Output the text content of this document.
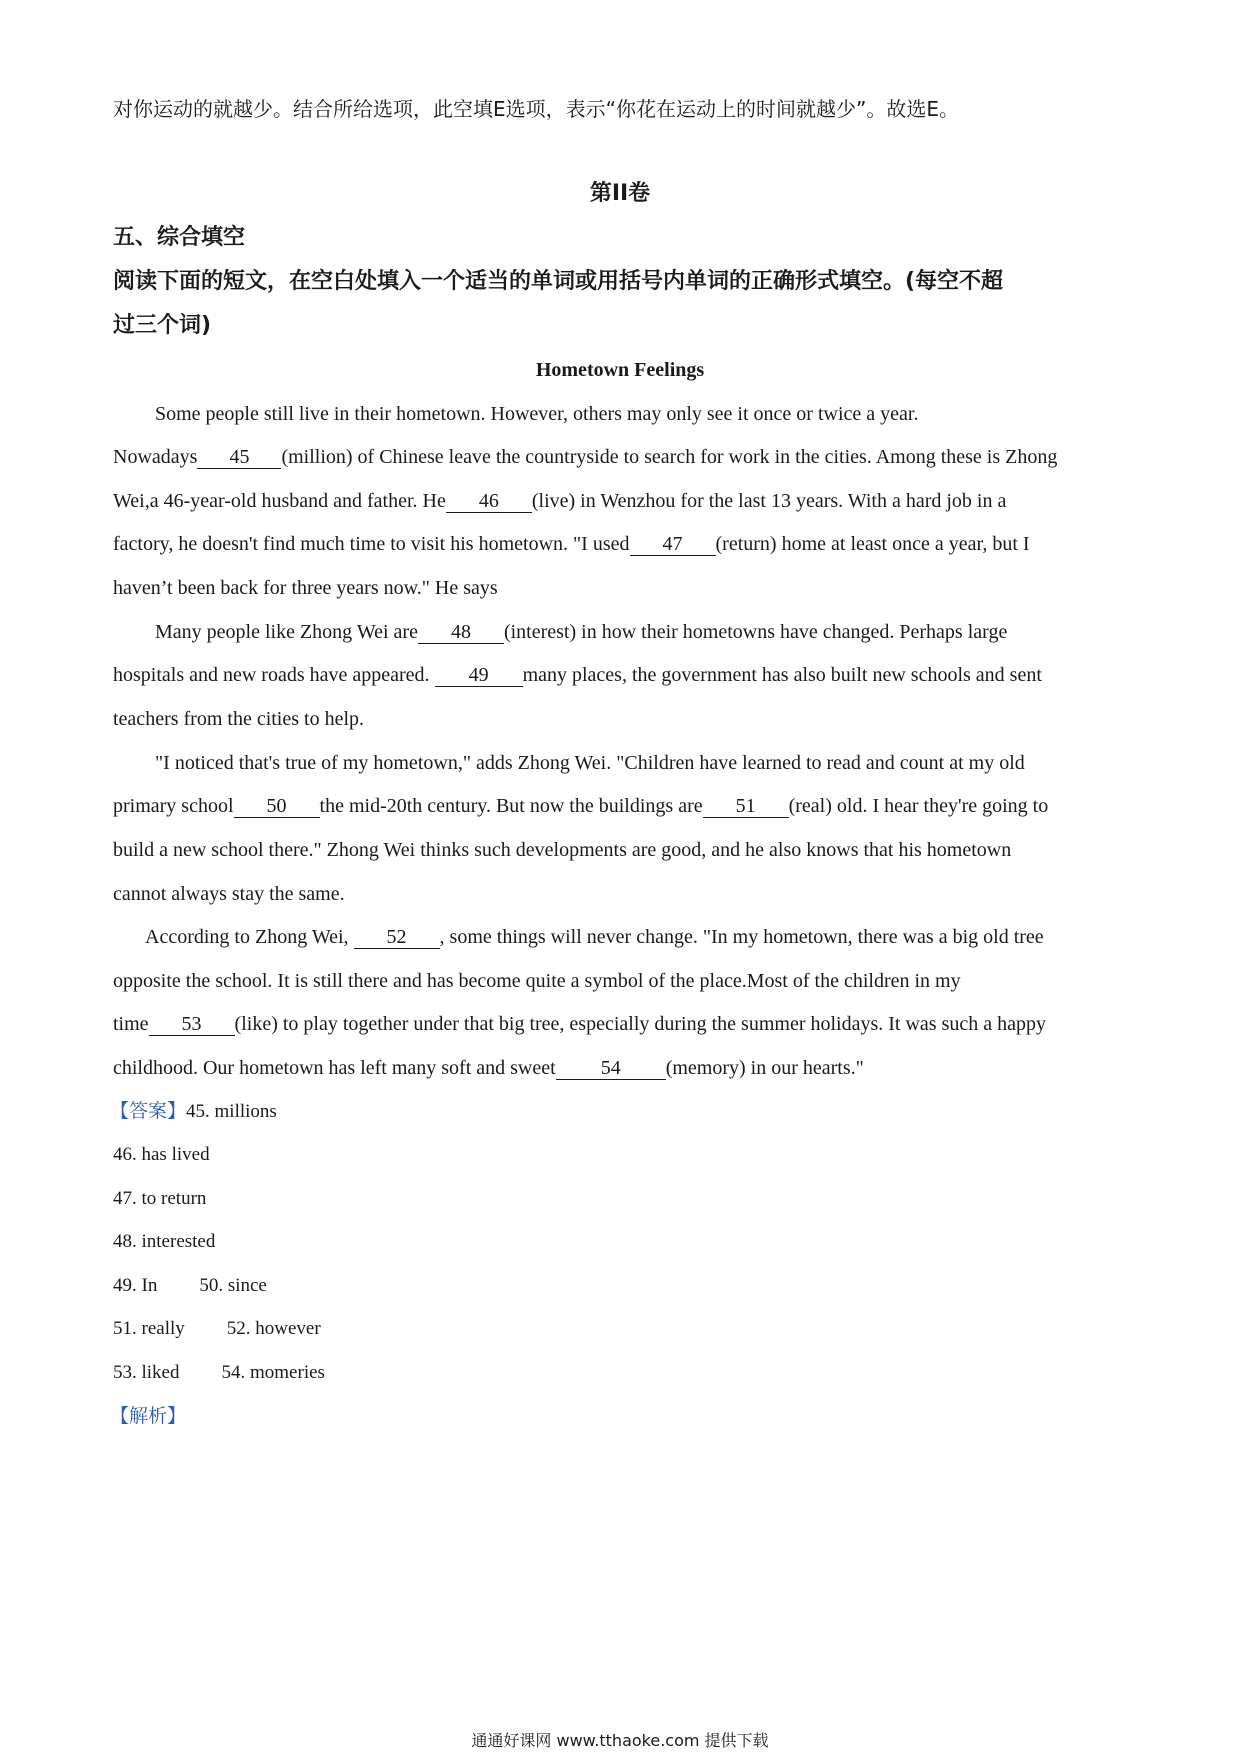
对你运动的就越少。结合所给选项，此空填E选项，表示“你花在运动上的时间就越少”。故选E。
第II卷
五、综合填空
阅读下面的短文，在空白处填入一个适当的单词或用括号内单词的正确形式填空。(每空不超
过三个词)
Hometown Feelings
Some people still live in their hometown. However, others may only see it once or twice a year.
Nowadays 45 (million) of Chinese leave the countryside to search for work in the cities. Among these is Zhong
Wei,a 46-year-old husband and father. He 46 (live) in Wenzhou for the last 13 years. With a hard job in a
factory, he doesn't find much time to visit his hometown. "I used 47 (return) home at least once a year, but I
haven’t been back for three years now." He says
Many people like Zhong Wei are 48 (interest) in how their hometowns have changed. Perhaps large
hospitals and new roads have appeared. 49 many places, the government has also built new schools and sent
teachers from the cities to help.
"I noticed that's true of my hometown," adds Zhong Wei. "Children have learned to read and count at my old
primary school 50 the mid-20th century. But now the buildings are 51 (real) old. I hear they're going to
build a new school there." Zhong Wei thinks such developments are good, and he also knows that his hometown
cannot always stay the same.
According to Zhong Wei, 52 , some things will never change. "In my hometown, there was a big old tree
opposite the school. It is still there and has become quite a symbol of the place.Most of the children in my
time 53 (like) to play together under that big tree, especially during the summer holidays. It was such a happy
childhood. Our hometown has left many soft and sweet 54 (memory) in our hearts."
【答案】45. millions
46. has lived
47. to return
48. interested
49. In 50. since
51. really 52. however
53. liked 54. momeries
【解析】
通通好课网 www.tthaoke.com 提供下载
